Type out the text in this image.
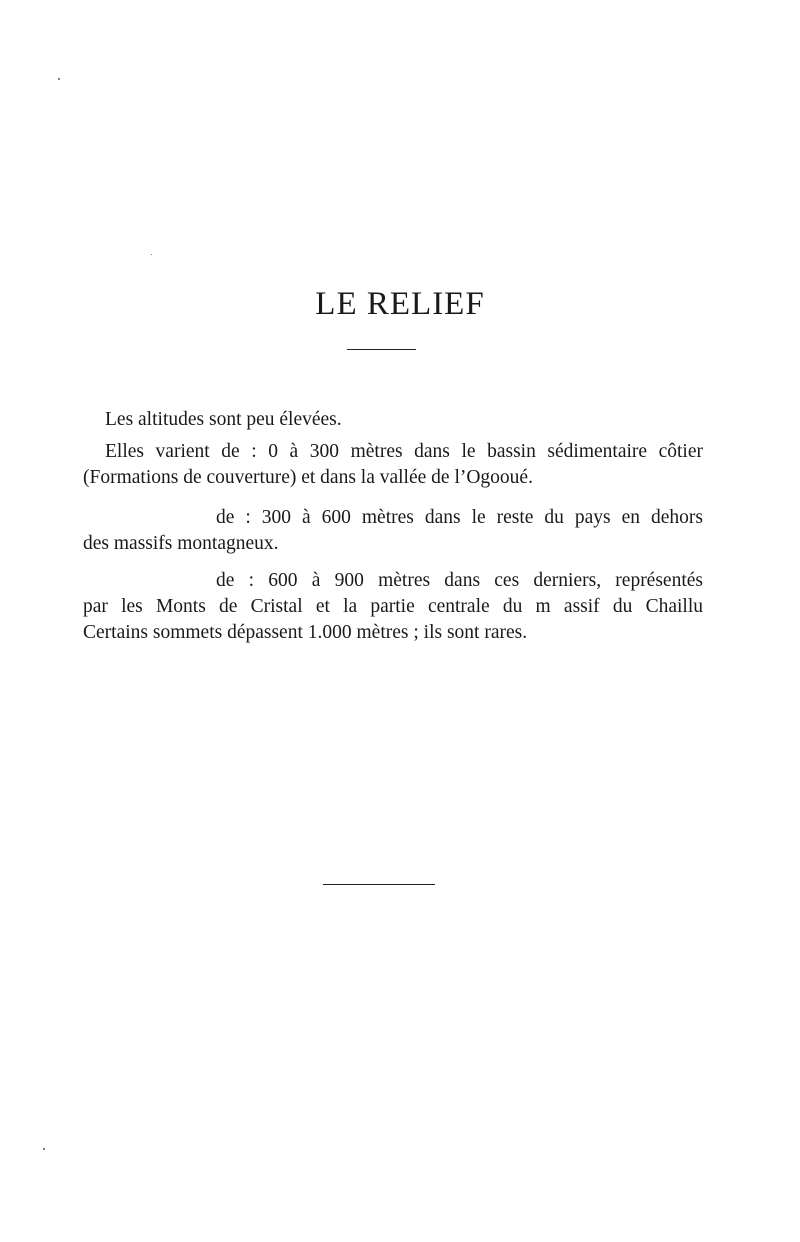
LE RELIEF

Les altitudes sont peu élevées.

Elles varient de : 0 à 300 mètres dans le bassin sédimentaire côtier
(Formations de couverture) et dans la vallée de l’Ogooué.

de : 300 à 600 mètres dans le reste du pays en dehors
des massifs montagneux.

de : 600 à 900 mètres dans ces derniers, représentés
par les Monts de Cristal et la partie centrale du m assif du Chaillu
Certains sommets dépassent 1.000 mètres ; ils sont rares.
